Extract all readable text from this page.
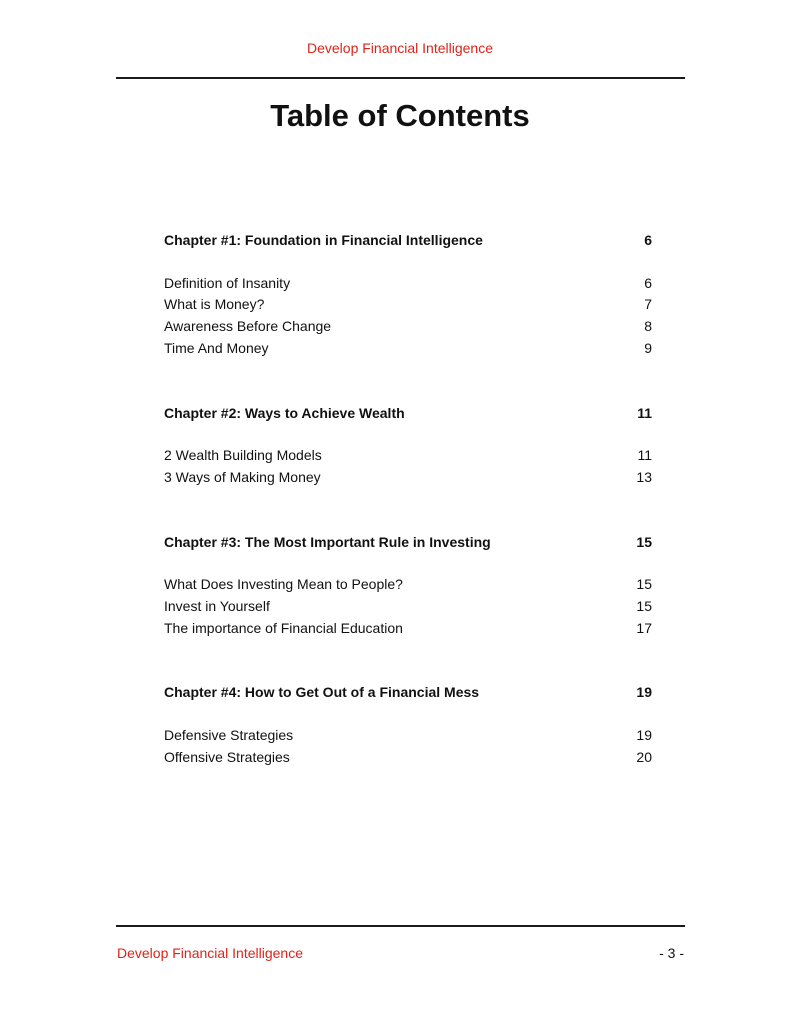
Develop Financial Intelligence
Table of Contents
Chapter #1: Foundation in Financial Intelligence	6
Definition of Insanity	6
What is Money?	7
Awareness Before Change	8
Time And Money	9
Chapter #2: Ways to Achieve Wealth	11
2 Wealth Building Models	11
3 Ways of Making Money	13
Chapter #3: The Most Important Rule in Investing	15
What Does Investing Mean to People?	15
Invest in Yourself	15
The importance of Financial Education	17
Chapter #4: How to Get Out of a Financial Mess	19
Defensive Strategies	19
Offensive Strategies	20
Develop Financial Intelligence	- 3 -
